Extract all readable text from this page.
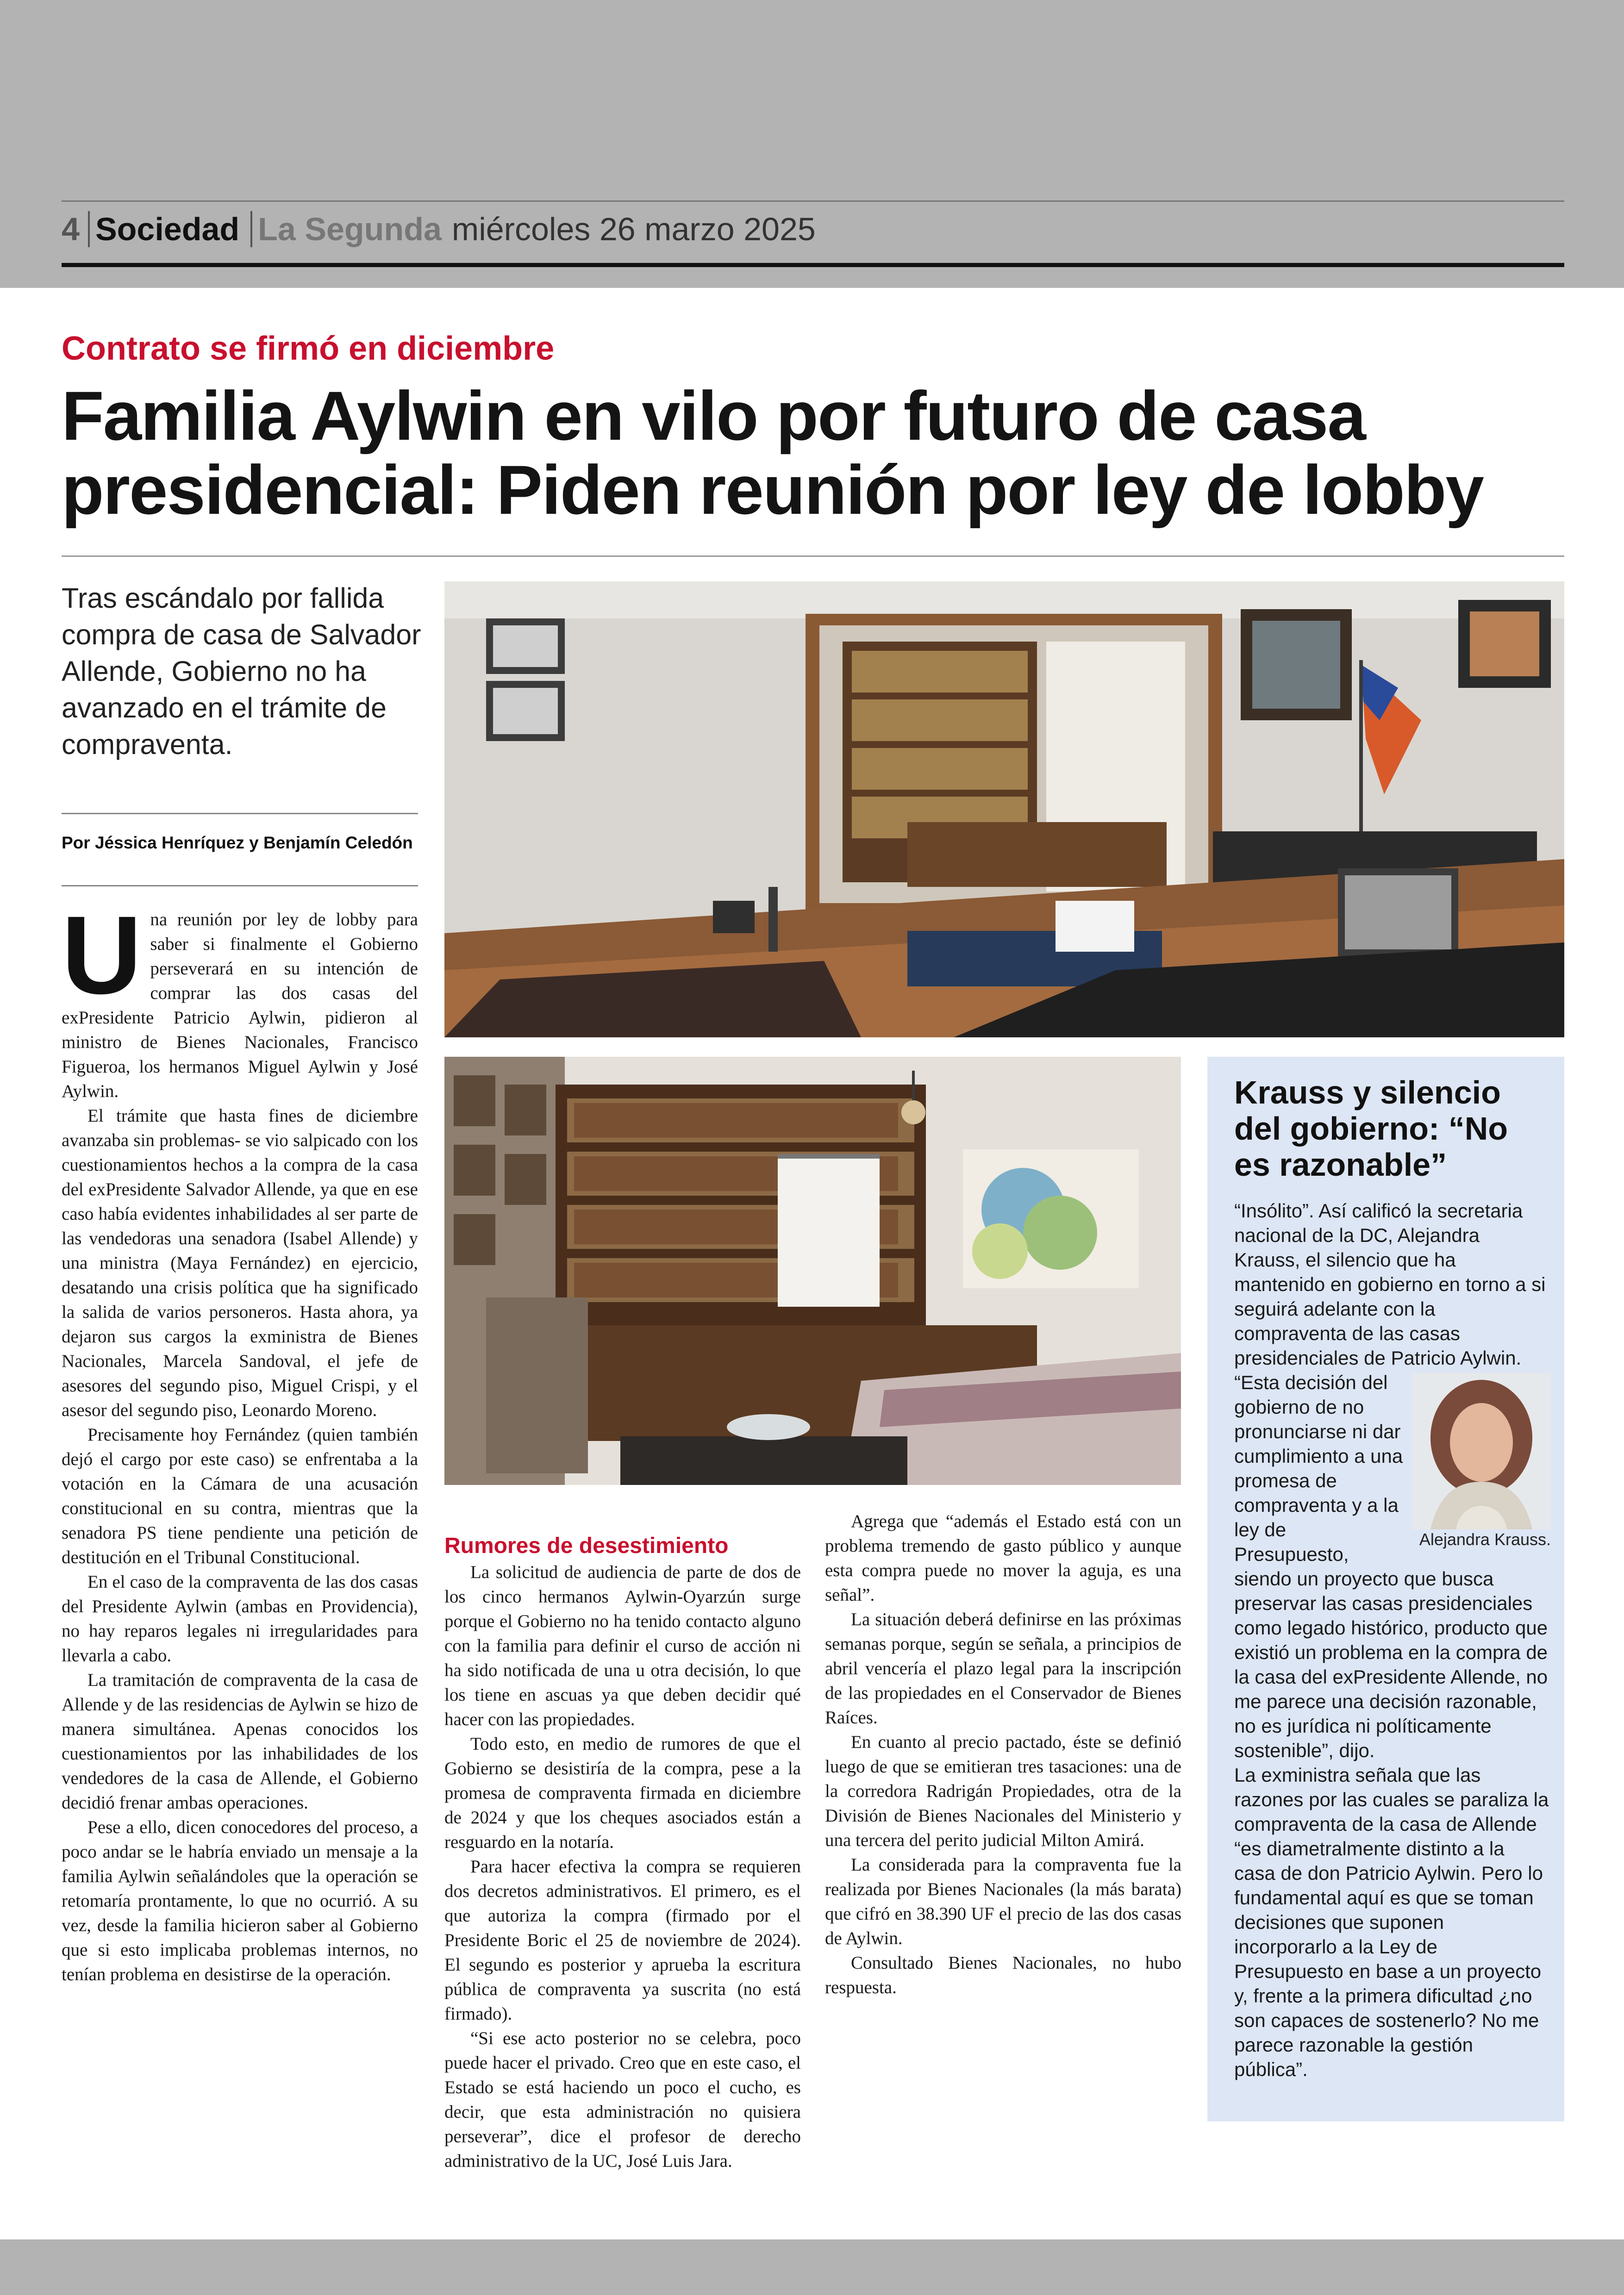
4 Sociedad La Segunda miércoles 26 marzo 2025
Contrato se firmó en diciembre
Familia Aylwin en vilo por futuro de casa presidencial: Piden reunión por ley de lobby
Tras escándalo por fallida compra de casa de Salvador Allende, Gobierno no ha avanzado en el trámite de compraventa.
Por Jéssica Henríquez y Benjamín Celedón

Una reunión por ley de lobby para saber si finalmente el Gobierno perseverará en su intención de comprar las dos casas del exPresidente Patricio Aylwin, pidieron al ministro de Bienes Nacionales, Francisco Figueroa, los hermanos Miguel Aylwin y José Aylwin.

El trámite que hasta fines de diciembre avanzaba sin problemas- se vio salpicado con los cuestionamientos hechos a la compra de la casa del exPresidente Salvador Allende, ya que en ese caso había evidentes inhabilidades al ser parte de las vendedoras una senadora (Isabel Allende) y una ministra (Maya Fernández) en ejercicio, desatando una crisis política que ha significado la salida de varios personeros. Hasta ahora, ya dejaron sus cargos la exministra de Bienes Nacionales, Marcela Sandoval, el jefe de asesores del segundo piso, Miguel Crispi, y el asesor del segundo piso, Leonardo Moreno.

Precisamente hoy Fernández (quien también dejó el cargo por este caso) se enfrentaba a la votación en la Cámara de una acusación constitucional en su contra, mientras que la senadora PS tiene pendiente una petición de destitución en el Tribunal Constitucional.

En el caso de la compraventa de las dos casas del Presidente Aylwin (ambas en Providencia), no hay reparos legales ni irregularidades para llevarla a cabo.

La tramitación de compraventa de la casa de Allende y de las residencias de Aylwin se hizo de manera simultánea. Apenas conocidos los cuestionamientos por las inhabilidades de los vendedores de la casa de Allende, el Gobierno decidió frenar ambas operaciones.

Pese a ello, dicen conocedores del proceso, a poco andar se le habría enviado un mensaje a la familia Aylwin señalándoles que la operación se retomaría prontamente, lo que no ocurrió. A su vez, desde la familia hicieron saber al Gobierno que si esto implicaba problemas internos, no tenían problema en desistirse de la operación.

Rumores de desestimiento

La solicitud de audiencia de parte de dos de los cinco hermanos Aylwin-Oyarzún surge porque el Gobierno no ha tenido contacto alguno con la familia para definir el curso de acción ni ha sido notificada de una u otra decisión, lo que los tiene en ascuas ya que deben decidir qué hacer con las propiedades.

Todo esto, en medio de rumores de que el Gobierno se desistiría de la compra, pese a la promesa de compraventa firmada en diciembre de 2024 y que los cheques asociados están a resguardo en la notaría.

Para hacer efectiva la compra se requieren dos decretos administrativos. El primero, es el que autoriza la compra (firmado por el Presidente Boric el 25 de noviembre de 2024). El segundo es posterior y aprueba la escritura pública de compraventa ya suscrita (no está firmado).

“Si ese acto posterior no se celebra, poco puede hacer el privado. Creo que en este caso, el Estado se está haciendo un poco el cucho, es decir, que esta administración no quisiera perseverar”, dice el profesor de derecho administrativo de la UC, José Luis Jara.

Agrega que “además el Estado está con un problema tremendo de gasto público y aunque esta compra puede no mover la aguja, es una señal”.

La situación deberá definirse en las próximas semanas porque, según se señala, a principios de abril vencería el plazo legal para la inscripción de las propiedades en el Conservador de Bienes Raíces.

En cuanto al precio pactado, éste se definió luego de que se emitieran tres tasaciones: una de la corredora Radrigán Propiedades, otra de la División de Bienes Nacionales del Ministerio y una tercera del perito judicial Milton Amirá.

La considerada para la compraventa fue la realizada por Bienes Nacionales (la más barata) que cifró en 38.390 UF el precio de las dos casas de Aylwin.

Consultado Bienes Nacionales, no hubo respuesta.

Krauss y silencio del gobierno: “No es razonable”

“Insólito”. Así calificó la secretaria nacional de la DC, Alejandra Krauss, el silencio que ha mantenido en gobierno en torno a si seguirá adelante con la compraventa de las casas presidenciales de Patricio Aylwin.

Alejandra Krauss.

“Esta decisión del gobierno de no pronunciarse ni dar cumplimiento a una promesa de compraventa y a la ley de Presupuesto, siendo un proyecto que busca preservar las casas presidenciales como legado histórico, producto que existió un problema en la compra de la casa del exPresidente Allende, no me parece una decisión razonable, no es jurídica ni políticamente sostenible”, dijo.

La exministra señala que las razones por las cuales se paraliza la compraventa de la casa de Allende “es diametralmente distinto a la casa de don Patricio Aylwin. Pero lo fundamental aquí es que se toman decisiones que suponen incorporarlo a la Ley de Presupuesto en base a un proyecto y, frente a la primera dificultad ¿no son capaces de sostenerlo? No me parece razonable la gestión pública”.
